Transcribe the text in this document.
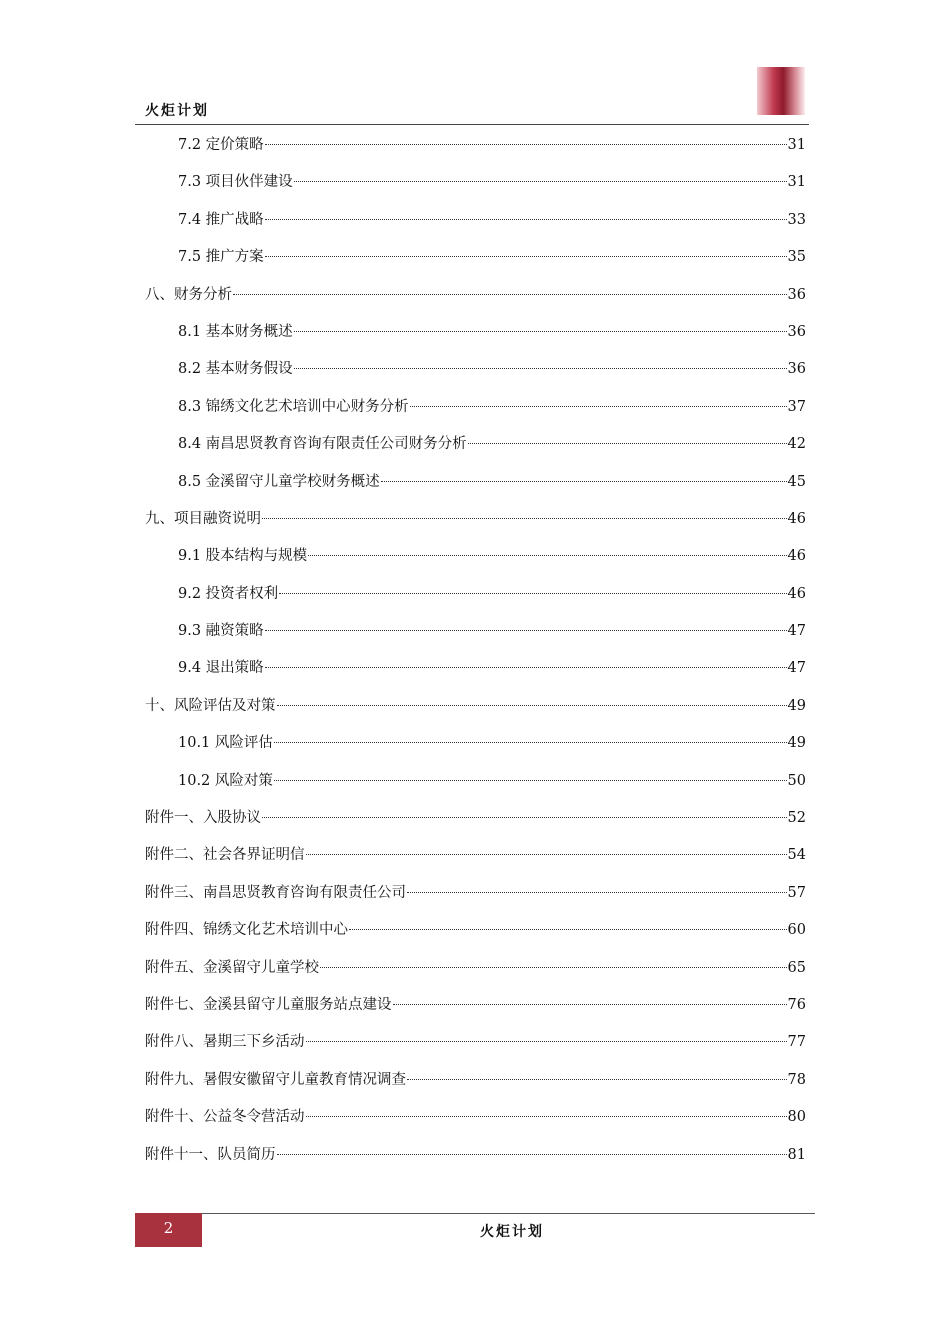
火炬计划
7.2 定价策略	31
7.3 项目伙伴建设	31
7.4 推广战略	33
7.5 推广方案	35
八、财务分析	36
8.1 基本财务概述	36
8.2 基本财务假设	36
8.3 锦绣文化艺术培训中心财务分析	37
8.4 南昌思贤教育咨询有限责任公司财务分析	42
8.5 金溪留守儿童学校财务概述	45
九、项目融资说明	46
9.1 股本结构与规模	46
9.2 投资者权利	46
9.3 融资策略	47
9.4 退出策略	47
十、风险评估及对策	49
10.1 风险评估	49
10.2 风险对策	50
附件一、入股协议	52
附件二、社会各界证明信	54
附件三、南昌思贤教育咨询有限责任公司	57
附件四、锦绣文化艺术培训中心	60
附件五、金溪留守儿童学校	65
附件七、金溪县留守儿童服务站点建设	76
附件八、暑期三下乡活动	77
附件九、暑假安徽留守儿童教育情况调查	78
附件十、公益冬令营活动	80
附件十一、队员简历	81
2	火炬计划
